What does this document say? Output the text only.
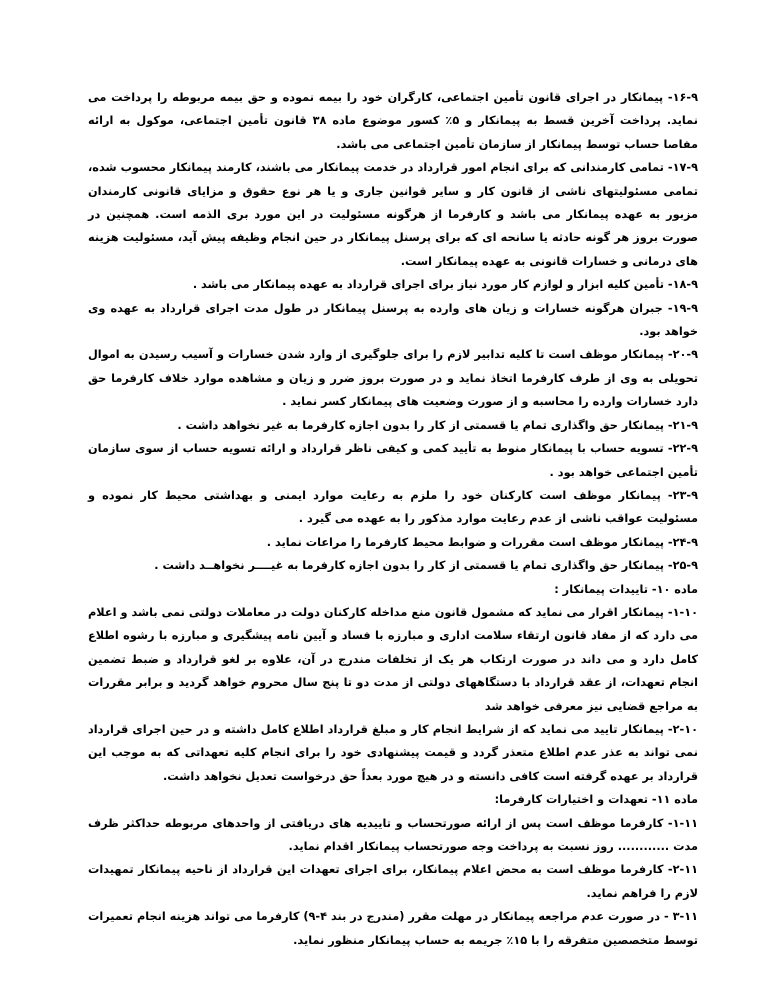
۱۶-۹- پیمانکار در اجرای قانون تأمین اجتماعی، کارگران خود را بیمه نموده و حق بیمه مربوطه را پرداخت می نماید. پرداخت آخرین قسط به پیمانکار و ۵٪ کسور موضوع ماده ۳۸ قانون تأمین اجتماعی، موکول به ارائه مفاصا حساب توسط پیمانکار از سازمان تأمین اجتماعی می باشد.

۱۷-۹- تمامی کارمندانی که برای انجام امور قرارداد در خدمت پیمانکار می باشند، کارمند پیمانکار محسوب شده، تمامی مسئولیتهای ناشی از قانون کار و سایر قوانین جاری و یا هر نوع حقوق و مزایای قانونی کارمندان مزبور به عهده پیمانکار می باشد و کارفرما از هرگونه مسئولیت در این مورد بری الذمه است. همچنین در صورت بروز هر گونه حادثه یا سانحه ای که برای پرسنل پیمانکار در حین انجام وظیفه پیش آید، مسئولیت هزینه های درمانی و خسارات قانونی به عهده پیمانکار است.

۱۸-۹- تأمین کلیه ابزار و لوازم کار مورد نیاز برای اجرای قرارداد به عهده پیمانکار می باشد .

۱۹-۹- جبران هرگونه خسارات و زیان های وارده به پرسنل پیمانکار در طول مدت اجرای قرارداد به عهده وی خواهد بود.

۲۰-۹- پیمانکار موظف است تا کلیه تدابیر لازم را برای جلوگیری از وارد شدن خسارات و آسیب رسیدن به اموال تحویلی به وی از طرف کارفرما اتخاذ نماید و در صورت بروز ضرر و زیان و مشاهده موارد خلاف کارفرما حق دارد خسارات وارده را محاسبه و از صورت وضعیت های پیمانکار کسر نماید .

۲۱-۹- پیمانکار حق واگذاری تمام یا قسمتی از کار را بدون اجازه کارفرما به غیر نخواهد داشت .

۲۲-۹- تسویه حساب با پیمانکار منوط به تأیید کمی و کیفی ناظر قرارداد و ارائه تسویه حساب از سوی سازمان تأمین اجتماعی خواهد بود .

۲۳-۹- پیمانکار موظف است کارکنان خود را ملزم به رعایت موارد ایمنی و بهداشتی محیط کار نموده و مسئولیت عواقب ناشی از عدم رعایت موارد مذکور را به عهده می گیرد .

۲۴-۹- پیمانکار موظف است مقررات و ضوابط محیط کارفرما را مراعات نماید .

۲۵-۹- پیمانکار حق واگذاری تمام یا قسمتی از کار را بدون اجازه کارفرما به غیــــر نخواهــد داشت .

ماده ۱۰- تاییدات پیمانکار :

۱-۱۰- پیمانکار اقرار می نماید که مشمول قانون منع مداخله کارکنان دولت در معاملات دولتی نمی باشد و اعلام می دارد که از مفاد قانون ارتقاء سلامت اداری و مبارزه با فساد و آیین نامه پیشگیری و مبارزه با رشوه اطلاع کامل دارد و می داند در صورت ارتکاب هر یک از تخلفات مندرج در آن، علاوه بر لغو قرارداد و ضبط تضمین انجام تعهدات، از عقد قرارداد با دستگاههای دولتی از مدت دو تا پنج سال محروم خواهد گردید و برابر مقررات به مراجع قضایی نیز معرفی خواهد شد

۲-۱۰- پیمانکار تایید می نماید که از شرایط انجام کار و مبلغ قرارداد اطلاع کامل داشته و در حین اجرای قرارداد نمی تواند به عذر عدم اطلاع متعذر گردد و قیمت پیشنهادی خود را برای انجام کلیه تعهداتی که به موجب این قرارداد بر عهده گرفته است کافی دانسته و در هیچ مورد بعداً حق درخواست تعدیل نخواهد داشت.

ماده ۱۱- تعهدات و اختیارات کارفرما:

۱-۱۱- کارفرما موظف است پس از ارائه صورتحساب و تاییدیه های دریافتی از واحدهای مربوطه حداکثر ظرف مدت ............ روز نسبت به پرداخت وجه صورتحساب پیمانکار اقدام نماید.

۲-۱۱- کارفرما موظف است به محض اعلام پیمانکار، برای اجرای تعهدات این قرارداد از ناحیه پیمانکار تمهیدات لازم را فراهم نماید.

۳-۱۱ - در صورت عدم مراجعه پیمانکار در مهلت مقرر (مندرج در بند ۴-۹) کارفرما می تواند هزینه انجام تعمیرات توسط متخصصین متفرقه را با ۱۵٪ جریمه به حساب پیمانکار منظور نماید.
